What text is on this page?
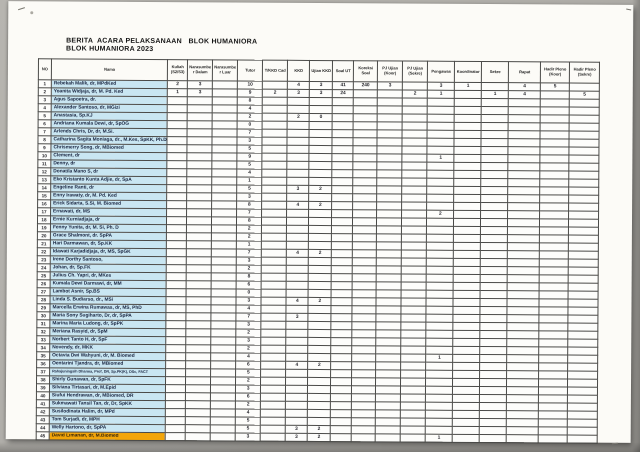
BERITA  ACARA PELAKSANAAN   BLOK HUMANIORA
BLOK HUMANIORA 2023
NO	Nama	Kuliah (S2/S3)	Narasumber Dalam	Narasumber Luar	Tutor	T/KKD Cad	KKD	Ujian KKD	Soal UT	Koreksi Soal	PJ Ujian (Koor)	PJ Ujian (Sekre)	Pengawas	Koordinator	Sekre	Rapat	Hadir Pleno (Koor)	Hadir Pleno (Sekre)
1	Rebekah Malik, dr, MPdKed	2	3		10		4	3	41	240	3		3	1		4	5	
2	Yoanita Widjaja, dr, M. Pd. Ked	1	3		9	2	3	3	24			2	1		1	4		5
3	Agus Sapoetra, dr.				8													
4	Alexander Santoso, dr, MGizi				4													
5	Anastasia, Sp.KJ				2		2	0										
6	Andriana Kumala Dewi, dr, SpOG				0													
7	Arlends Chris, Dr, dr, M.Si.				7													
8	Catharina Sagita Moniaga, dr., M.Kes, SpKK, Ph.D				3													
9	Chrismerry Song, dr, MBiomed				5													
10	Clement, dr				9								1					
11	Denny, dr				5													
12	Donatila Mano S, dr				4													
13	Eko Kristanto Kunta Adjie, dr, SpA				1													
14	Engeline Ranti, dr				5		3	2										
15	Enny Irawaty, dr, M. Pd. Ked				3													
16	Erick Sidarta, S.Si, M. Biomed				8		4	2										
17	Ernawati, dr, MS				7								2					
18	Ernie Kurniadjaja, dr				8													
19	Fenny Yunita, dr, M. Si, Ph. D				2													
20	Grace Shalmont, dr. SpPA				2													
21	Hari Darmawan, dr, Sp.KK				1													
22	Idawati Karjadidjaja, dr, MS, SpGK				7		4	2										
23	Irene Dorthy Santoso,				3													
24	Johan, dr, Sp.FK				2													
25	Julius Ch. Yapri, dr, MKes				8													
26	Kumala Dewi Darmawi, dr, MM				6													
27	Lambot Asnir, Sp.BS				0													
28	Linda S. Budiarso, dr., MSi				3		4	2										
29	Marcella Erwina Rumawas, dr, MS, PhD				4													
30	Maria Sony Sugiharto, Dr, dr, SpPA				7		3											
31	Marina Maria Ludong, dr, SpPK				3													
32	Meriana Rasyid, dr, SpM				2													
33	Norbert Tanto H, dr, SpF				3													
34	Novendy, dr, MKK				2													
35	Octavia Dwi Wahyuni, dr, M. Biomed				4								1					
36	Oentarini Tjandra, dr, MBiomed				6		4	2										
37	Rahajuningsih Dharma, Prof, DR, Sp.PK(K), DSc, FACT				5													
38	Shirly Gunawan, dr, SpFK				2													
39	Silviana Tirtasari, dr, M.Epid				3													
40	Siufui Hendrawan, dr, MBiomed, DR				6													
41	Sukmawati Tansil Tan, dr, Dr, SpKK				2													
42	Susilodinata Halim, dr, MPd				4													
43	Tom Surjadi, dr, MPH				5													
44	Welly Hartono, dr, SpPA				5		3	2										
45	David Limanan, dr, M.Biomed				3		3	2					1					
